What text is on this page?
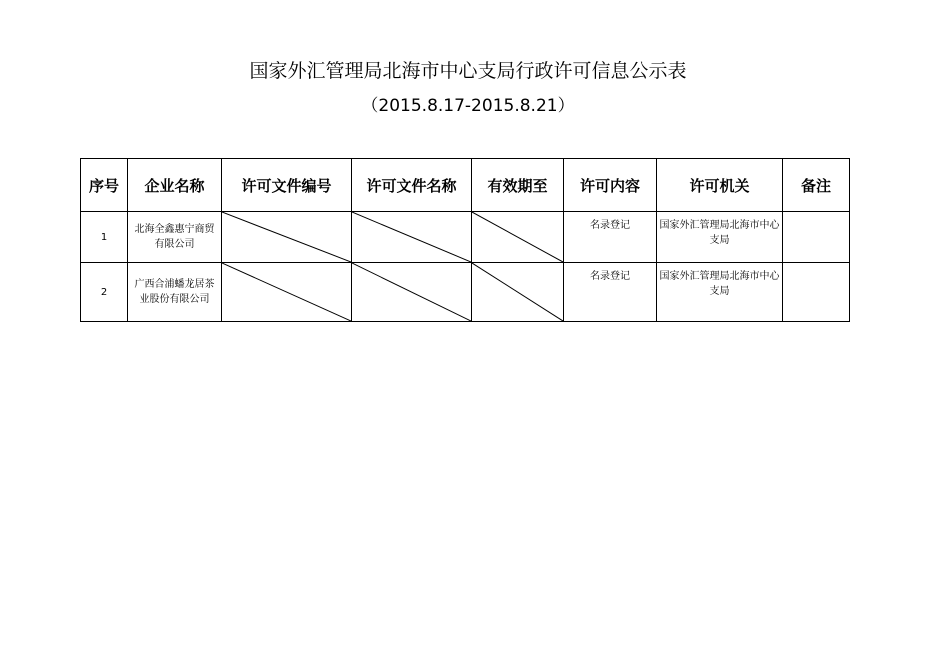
国家外汇管理局北海市中心支局行政许可信息公示表
（2015.8.17-2015.8.21）
序号	企业名称	许可文件编号	许可文件名称	有效期至	许可内容	许可机关	备注
1	北海全鑫惠宁商贸有限公司				名录登记	国家外汇管理局北海市中心支局	
2	广西合浦蟠龙居茶业股份有限公司				名录登记	国家外汇管理局北海市中心支局	
